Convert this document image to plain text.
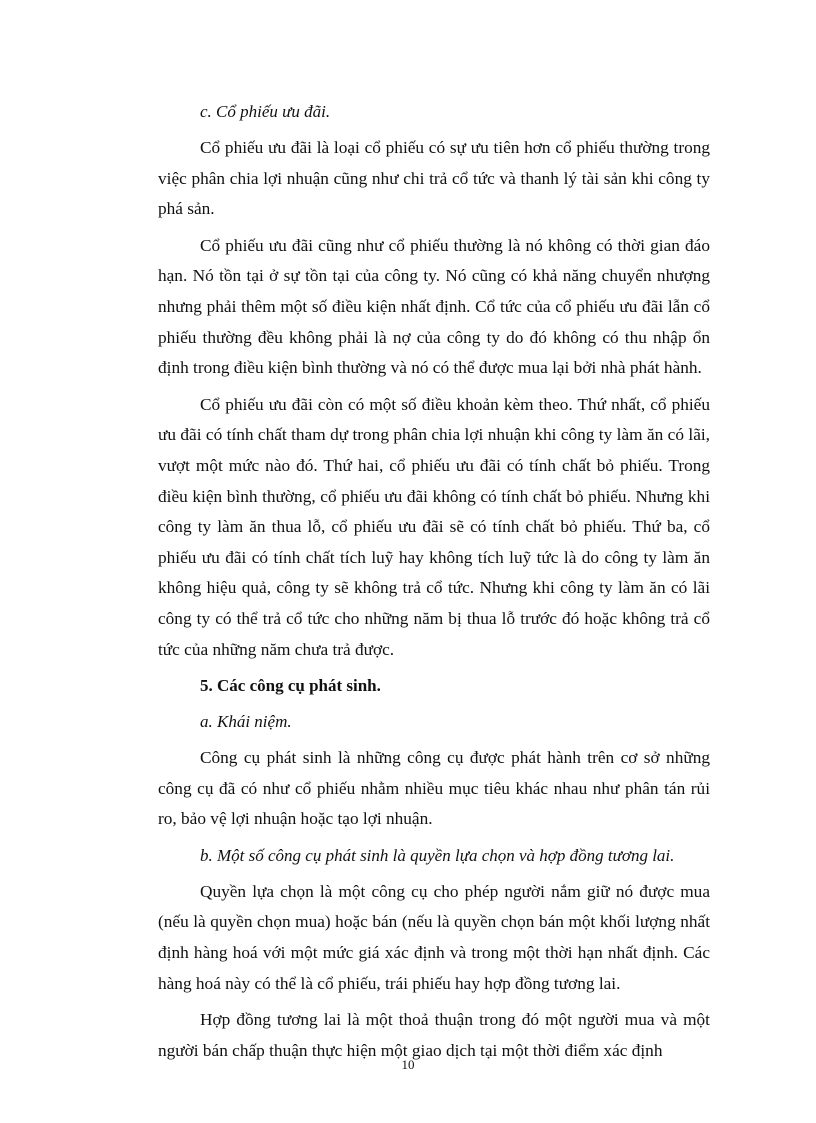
c. Cổ phiếu ưu đãi.

Cổ phiếu ưu đãi là loại cổ phiếu có sự ưu tiên hơn cổ phiếu thường trong việc phân chia lợi nhuận cũng như chi trả cổ tức và thanh lý tài sản khi công ty phá sản.

Cổ phiếu ưu đãi cũng như cổ phiếu thường là nó không có thời gian đáo hạn. Nó tồn tại ở sự tồn tại của công ty. Nó cũng có khả năng chuyển nhượng nhưng phải thêm một số điều kiện nhất định. Cổ tức của cổ phiếu ưu đãi lẫn cổ phiếu thường đều không phải là nợ của công ty do đó không có thu nhập ổn định trong điều kiện bình thường và nó có thể được mua lại bởi nhà phát hành.

Cổ phiếu ưu đãi còn có một số điều khoản kèm theo. Thứ nhất, cổ phiếu ưu đãi có tính chất tham dự trong phân chia lợi nhuận khi công ty làm ăn có lãi, vượt một mức nào đó. Thứ hai, cổ phiếu ưu đãi có tính chất bỏ phiếu. Trong điều kiện bình thường, cổ phiếu ưu đãi không có tính chất bỏ phiếu. Nhưng khi công ty làm ăn thua lỗ, cổ phiếu ưu đãi sẽ có tính chất bỏ phiếu. Thứ ba, cổ phiếu ưu đãi có tính chất tích luỹ hay không tích luỹ tức là do công ty làm ăn không hiệu quả, công ty sẽ không trả cổ tức. Nhưng khi công ty làm ăn có lãi công ty có thể trả cổ tức cho những năm bị thua lỗ trước đó hoặc không trả cổ tức của những năm chưa trả được.

5. Các công cụ phát sinh.

a. Khái niệm.

Công cụ phát sinh là những công cụ được phát hành trên cơ sở những công cụ đã có như cổ phiếu nhằm nhiều mục tiêu khác nhau như phân tán rủi ro, bảo vệ lợi nhuận hoặc tạo lợi nhuận.

b. Một số công cụ phát sinh là quyền lựa chọn và hợp đồng tương lai.

Quyền lựa chọn là một công cụ cho phép người nắm giữ nó được mua (nếu là quyền chọn mua) hoặc bán (nếu là quyền chọn bán một khối lượng nhất định hàng hoá với một mức giá xác định và trong một thời hạn nhất định. Các hàng hoá này có thể là cổ phiếu, trái phiếu hay hợp đồng tương lai.

Hợp đồng tương lai là một thoả thuận trong đó một người mua và một người bán chấp thuận thực hiện một giao dịch tại một thời điểm xác định

10
